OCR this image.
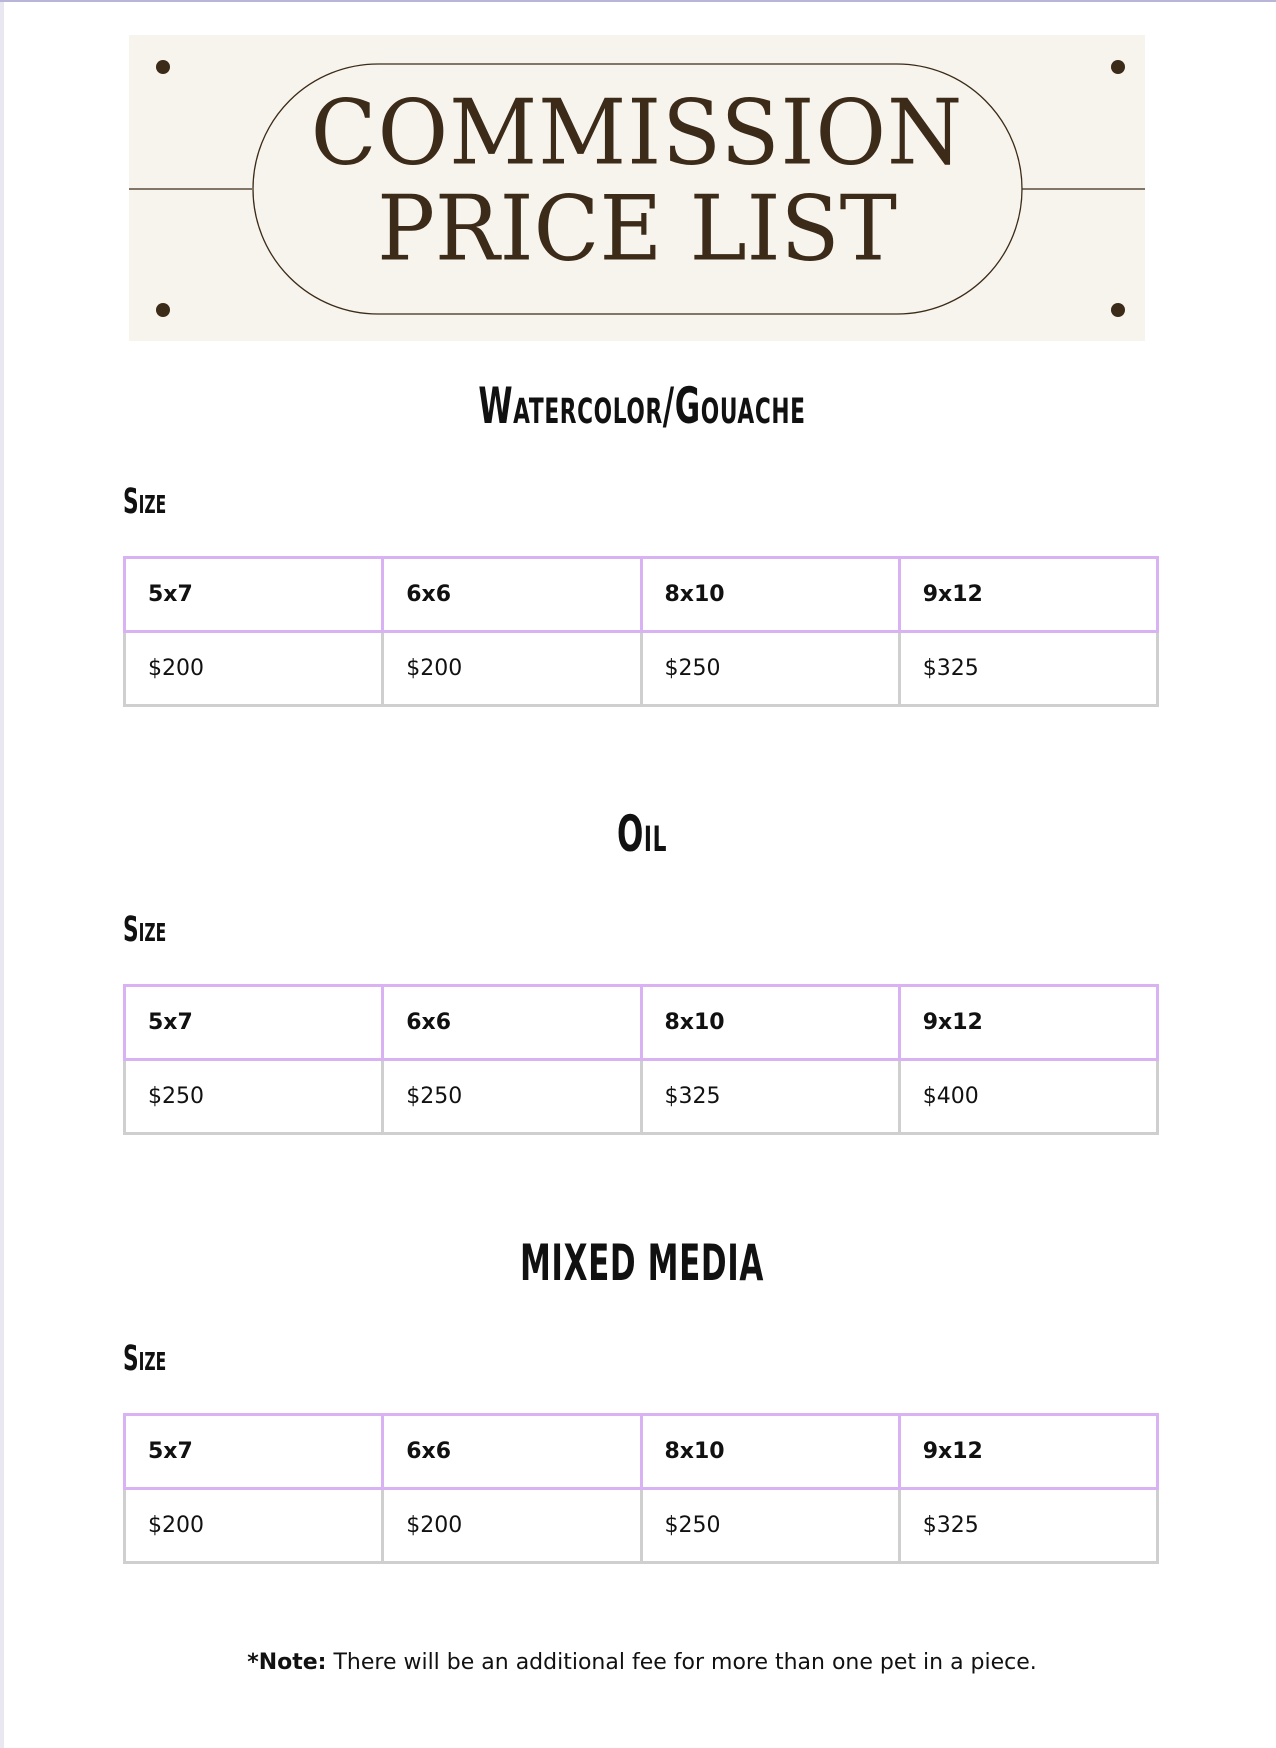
COMMISSION
PRICE LIST
Watercolor/Gouache
Size
5x7	6x6	8x10	9x12
$200	$200	$250	$325
Oil
Size
5x7	6x6	8x10	9x12
$250	$250	$325	$400
MIXED MEDIA
Size
5x7	6x6	8x10	9x12
$200	$200	$250	$325
*Note: There will be an additional fee for more than one pet in a piece.
